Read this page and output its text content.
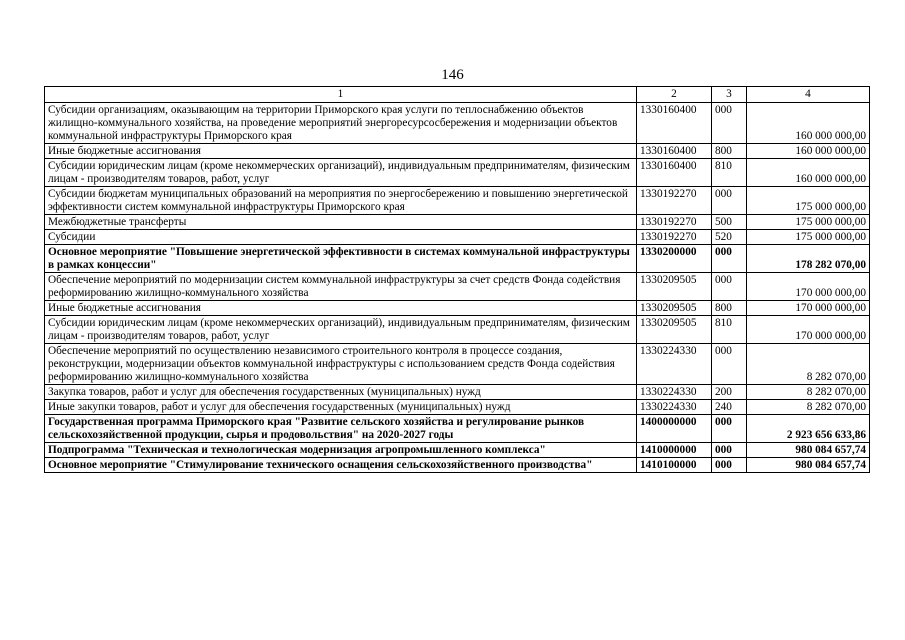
146
1	2	3	4
Субсидии организациям, оказывающим на территории Приморского края услуги по теплоснабжению объектов жилищно-коммунального хозяйства, на проведение мероприятий энергоресурсосбережения и модернизации объектов коммунальной инфраструктуры Приморского края	1330160400	000	160 000 000,00
Иные бюджетные ассигнования	1330160400	800	160 000 000,00
Субсидии юридическим лицам (кроме некоммерческих организаций), индивидуальным предпринимателям, физическим лицам - производителям товаров, работ, услуг	1330160400	810	160 000 000,00
Субсидии бюджетам муниципальных образований на мероприятия по энергосбережению и повышению энергетической эффективности систем коммунальной инфраструктуры Приморского края	1330192270	000	175 000 000,00
Межбюджетные трансферты	1330192270	500	175 000 000,00
Субсидии	1330192270	520	175 000 000,00
Основное мероприятие "Повышение энергетической эффективности в системах коммунальной инфраструктуры в рамках концессии"	1330200000	000	178 282 070,00
Обеспечение мероприятий по модернизации систем коммунальной инфраструктуры за счет средств Фонда содействия реформированию жилищно-коммунального хозяйства	1330209505	000	170 000 000,00
Иные бюджетные ассигнования	1330209505	800	170 000 000,00
Субсидии юридическим лицам (кроме некоммерческих организаций), индивидуальным предпринимателям, физическим лицам - производителям товаров, работ, услуг	1330209505	810	170 000 000,00
Обеспечение мероприятий по осуществлению независимого строительного контроля в процессе создания, реконструкции, модернизации объектов коммунальной инфраструктуры с использованием средств Фонда содействия реформированию жилищно-коммунального хозяйства	1330224330	000	8 282 070,00
Закупка товаров, работ и услуг для обеспечения государственных (муниципальных) нужд	1330224330	200	8 282 070,00
Иные закупки товаров, работ и услуг для обеспечения государственных (муниципальных) нужд	1330224330	240	8 282 070,00
Государственная программа Приморского края "Развитие сельского хозяйства и регулирование рынков сельскохозяйственной продукции, сырья и продовольствия" на 2020-2027 годы	1400000000	000	2 923 656 633,86
Подпрограмма "Техническая и технологическая модернизация агропромышленного комплекса"	1410000000	000	980 084 657,74
Основное мероприятие "Стимулирование технического оснащения сельскохозяйственного производства"	1410100000	000	980 084 657,74
